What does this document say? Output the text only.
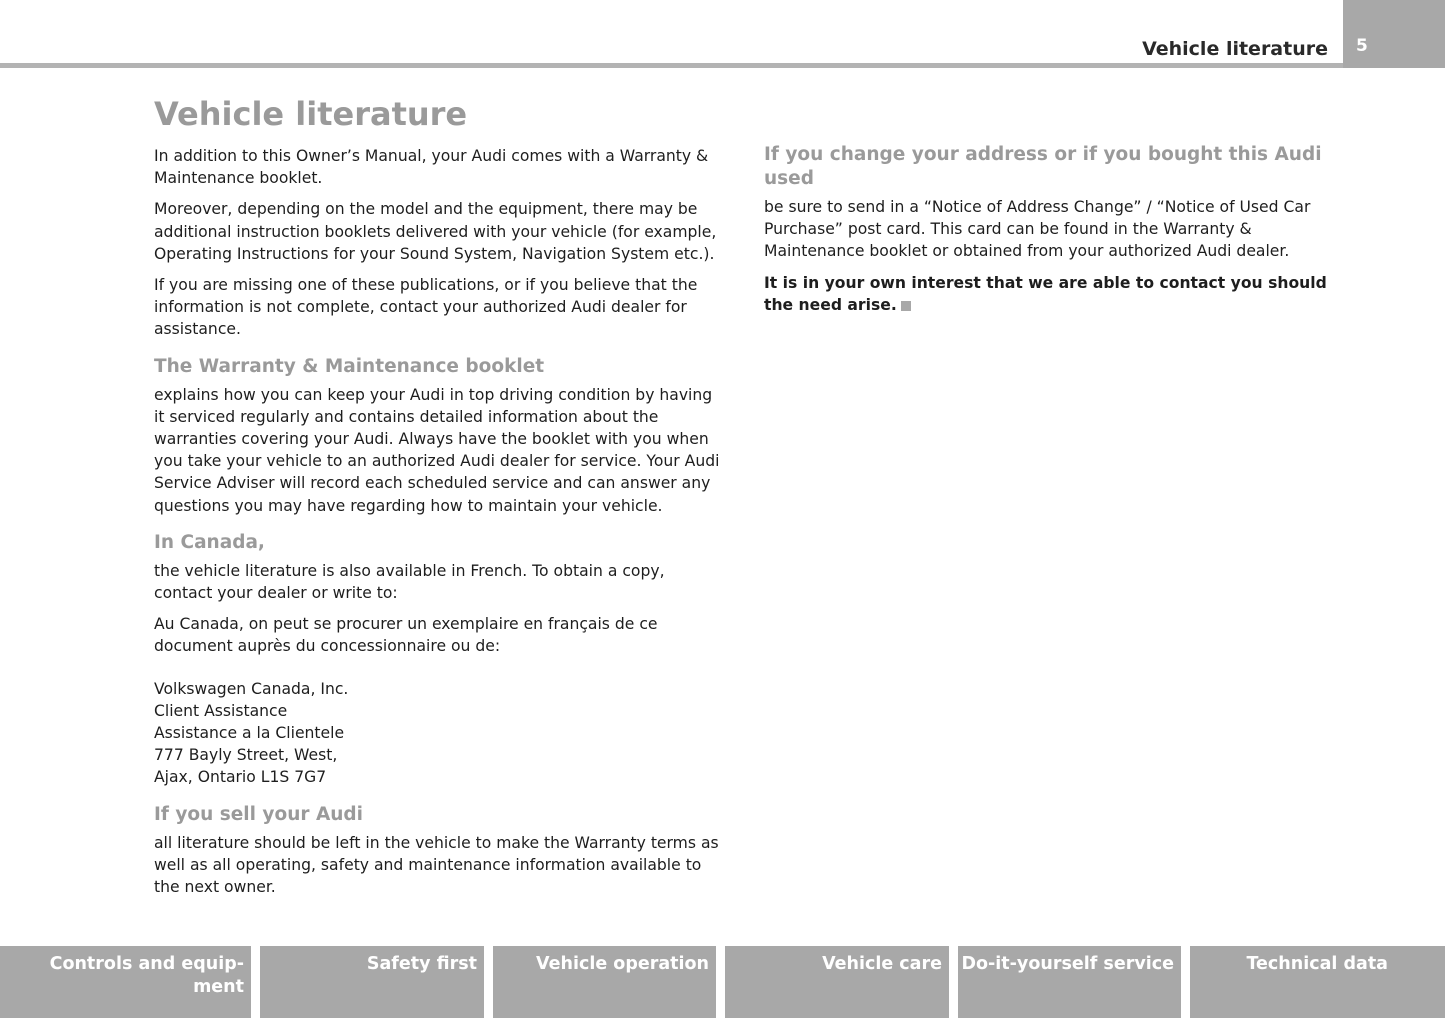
Vehicle literature 5
Vehicle literature

In addition to this Owner’s Manual, your Audi comes with a Warranty & Maintenance booklet.

Moreover, depending on the model and the equipment, there may be additional instruction booklets delivered with your vehicle (for example, Operating Instructions for your Sound System, Navigation System etc.).

If you are missing one of these publications, or if you believe that the information is not complete, contact your authorized Audi dealer for assistance.

The Warranty & Maintenance booklet

explains how you can keep your Audi in top driving condition by having it serviced regularly and contains detailed information about the warranties covering your Audi. Always have the booklet with you when you take your vehicle to an authorized Audi dealer for service. Your Audi Service Adviser will record each scheduled service and can answer any questions you may have regarding how to maintain your vehicle.

In Canada,

the vehicle literature is also available in French. To obtain a copy, contact your dealer or write to:

Au Canada, on peut se procurer un exemplaire en français de ce document auprès du concessionnaire ou de:

Volkswagen Canada, Inc.
Client Assistance
Assistance a la Clientele
777 Bayly Street, West,
Ajax, Ontario L1S 7G7
If you sell your Audi

all literature should be left in the vehicle to make the Warranty terms as well as all operating, safety and maintenance information available to the next owner.

If you change your address or if you bought this Audi used

be sure to send in a “Notice of Address Change” / “Notice of Used Car Purchase” post card. This card can be found in the Warranty & Maintenance booklet or obtained from your authorized Audi dealer.

It is in your own interest that we are able to contact you should the need arise.

Controls and equip-
ment
Safety first	Vehicle operation	Vehicle care Do-it-yourself service	Technical data
